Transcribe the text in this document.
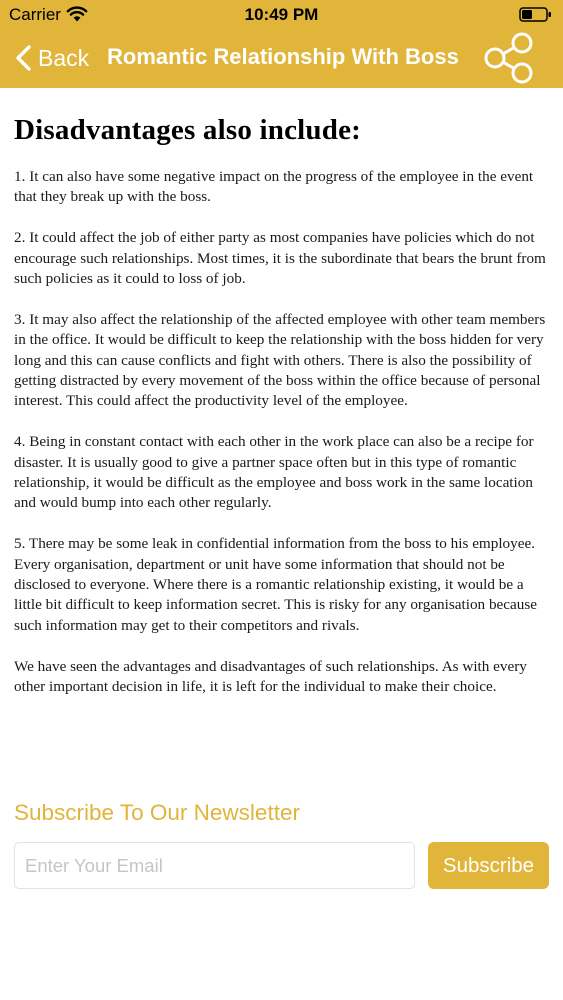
Carrier	10:49 PM
Back Romantic Relationship With Boss
Disadvantages also include:

1. It can also have some negative impact on the progress of the employee in the event that they break up with the boss.

2. It could affect the job of either party as most companies have policies which do not encourage such relationships. Most times, it is the subordinate that bears the brunt from such policies as it could to loss of job.

3. It may also affect the relationship of the affected employee with other team members in the office. It would be difficult to keep the relationship with the boss hidden for very long and this can cause conflicts and fight with others. There is also the possibility of getting distracted by every movement of the boss within the office because of personal interest. This could affect the productivity level of the employee.

4. Being in constant contact with each other in the work place can also be a recipe for disaster. It is usually good to give a partner space often but in this type of romantic relationship, it would be difficult as the employee and boss work in the same location and would bump into each other regularly.

5. There may be some leak in confidential information from the boss to his employee. Every organisation, department or unit have some information that should not be disclosed to everyone. Where there is a romantic relationship existing, it would be a little bit difficult to keep information secret. This is risky for any organisation because such information may get to their competitors and rivals.

We have seen the advantages and disadvantages of such relationships. As with every other important decision in life, it is left for the individual to make their choice.

Subscribe To Our Newsletter
Enter Your Email
Subscribe
